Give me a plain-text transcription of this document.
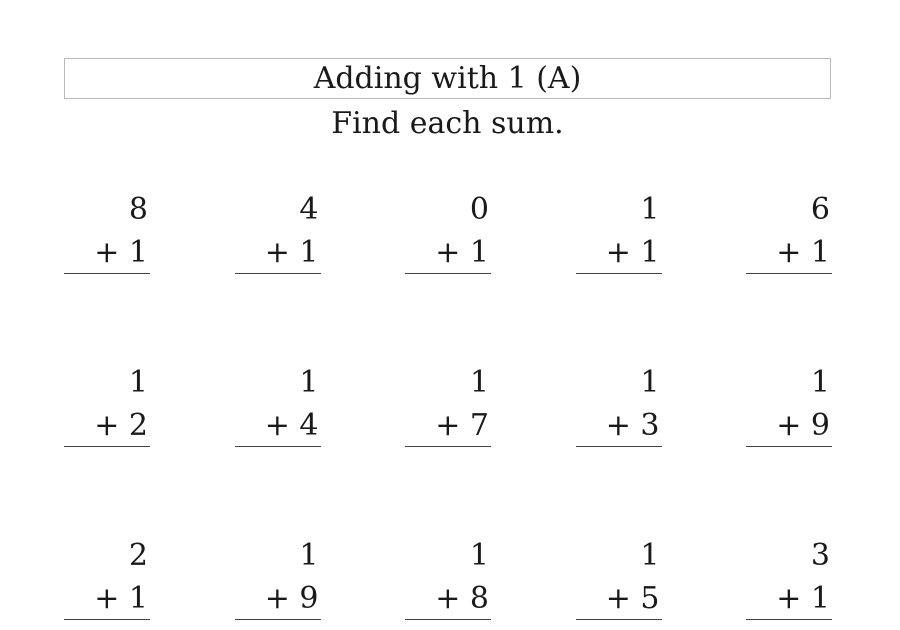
Adding with 1 (A)
Find each sum.
8
+ 1
4
+ 1
0
+ 1
1
+ 1
6
+ 1
1
+ 2
1
+ 4
1
+ 7
1
+ 3
1
+ 9
2
+ 1
1
+ 9
1
+ 8
1
+ 5
3
+ 1
